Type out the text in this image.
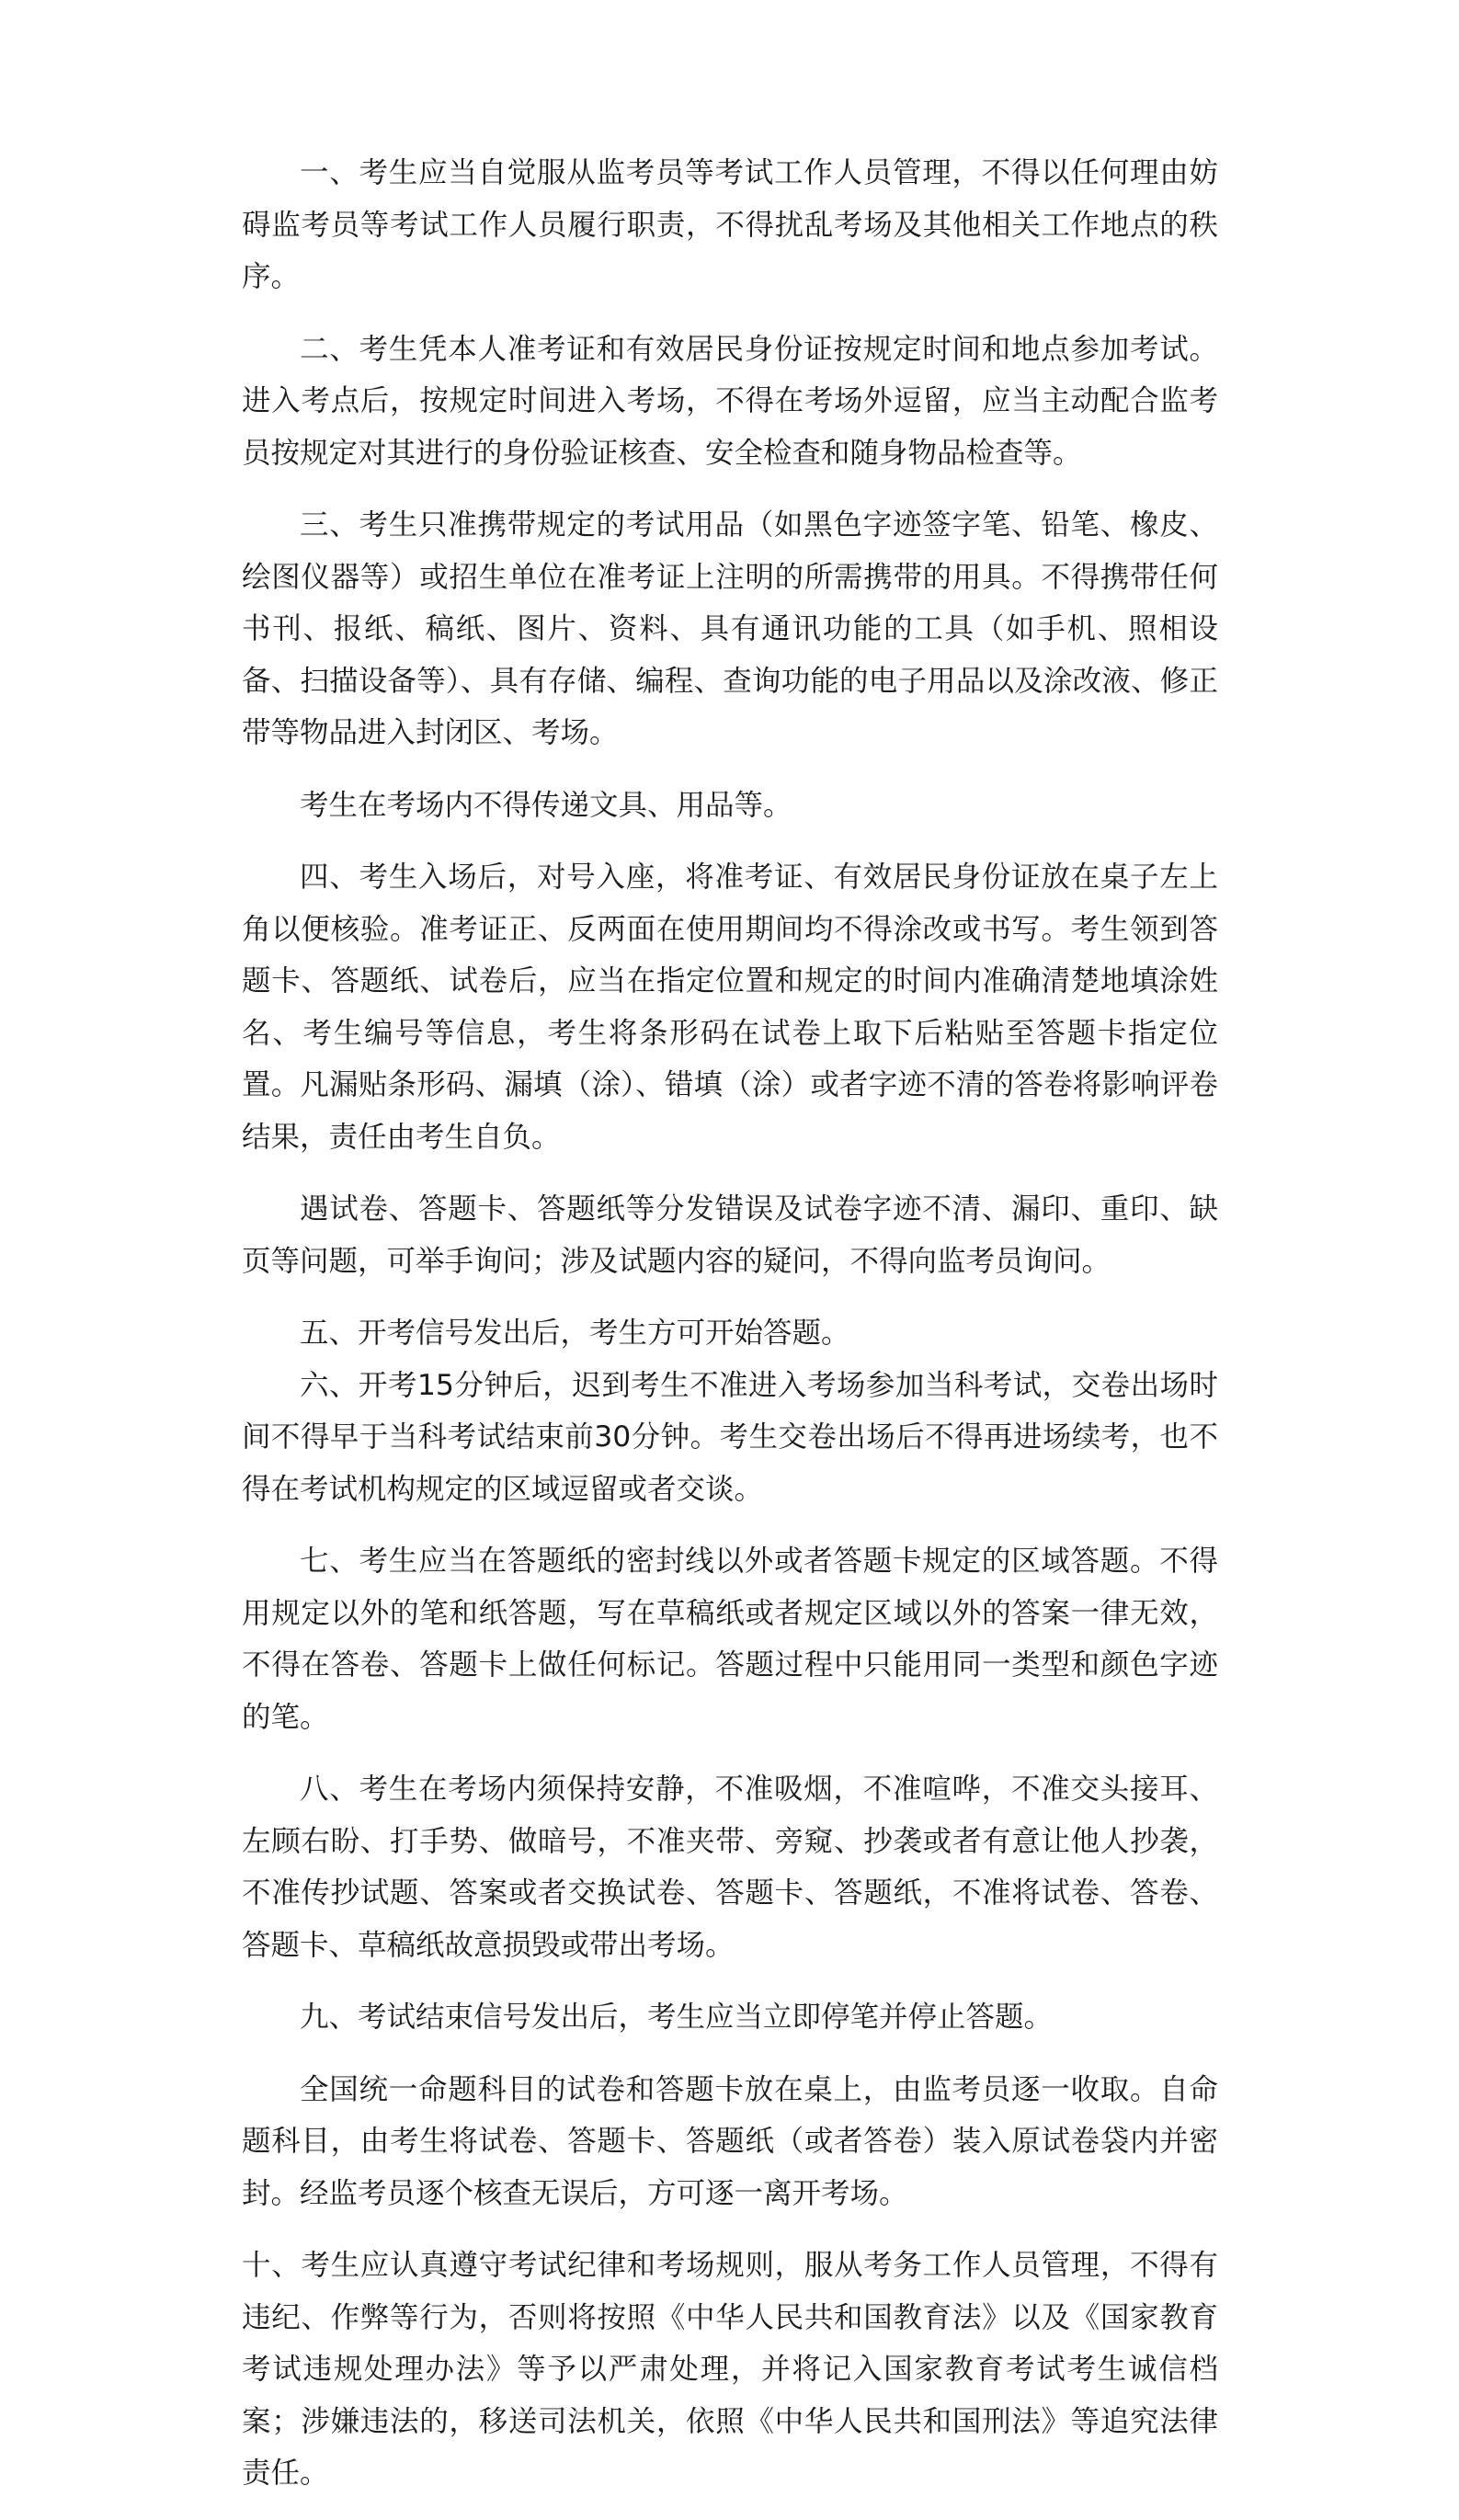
一、考生应当自觉服从监考员等考试工作人员管理，不得以任何理由妨碍监考员等考试工作人员履行职责，不得扰乱考场及其他相关工作地点的秩序。

二、考生凭本人准考证和有效居民身份证按规定时间和地点参加考试。进入考点后，按规定时间进入考场，不得在考场外逗留，应当主动配合监考员按规定对其进行的身份验证核查、安全检查和随身物品检查等。

三、考生只准携带规定的考试用品（如黑色字迹签字笔、铅笔、橡皮、绘图仪器等）或招生单位在准考证上注明的所需携带的用具。不得携带任何书刊、报纸、稿纸、图片、资料、具有通讯功能的工具（如手机、照相设备、扫描设备等）、具有存储、编程、查询功能的电子用品以及涂改液、修正带等物品进入封闭区、考场。

考生在考场内不得传递文具、用品等。

四、考生入场后，对号入座，将准考证、有效居民身份证放在桌子左上角以便核验。准考证正、反两面在使用期间均不得涂改或书写。考生领到答题卡、答题纸、试卷后，应当在指定位置和规定的时间内准确清楚地填涂姓名、考生编号等信息，考生将条形码在试卷上取下后粘贴至答题卡指定位置。凡漏贴条形码、漏填（涂）、错填（涂）或者字迹不清的答卷将影响评卷结果，责任由考生自负。

遇试卷、答题卡、答题纸等分发错误及试卷字迹不清、漏印、重印、缺页等问题，可举手询问；涉及试题内容的疑问，不得向监考员询问。

五、开考信号发出后，考生方可开始答题。

六、开考15分钟后，迟到考生不准进入考场参加当科考试，交卷出场时间不得早于当科考试结束前30分钟。考生交卷出场后不得再进场续考，也不得在考试机构规定的区域逗留或者交谈。

七、考生应当在答题纸的密封线以外或者答题卡规定的区域答题。不得用规定以外的笔和纸答题，写在草稿纸或者规定区域以外的答案一律无效，不得在答卷、答题卡上做任何标记。答题过程中只能用同一类型和颜色字迹的笔。

八、考生在考场内须保持安静，不准吸烟，不准喧哗，不准交头接耳、左顾右盼、打手势、做暗号，不准夹带、旁窥、抄袭或者有意让他人抄袭，不准传抄试题、答案或者交换试卷、答题卡、答题纸，不准将试卷、答卷、答题卡、草稿纸故意损毁或带出考场。

九、考试结束信号发出后，考生应当立即停笔并停止答题。

全国统一命题科目的试卷和答题卡放在桌上，由监考员逐一收取。自命题科目，由考生将试卷、答题卡、答题纸（或者答卷）装入原试卷袋内并密封。经监考员逐个核查无误后，方可逐一离开考场。

十、考生应认真遵守考试纪律和考场规则，服从考务工作人员管理，不得有违纪、作弊等行为，否则将按照《中华人民共和国教育法》以及《国家教育考试违规处理办法》等予以严肃处理，并将记入国家教育考试考生诚信档案；涉嫌违法的，移送司法机关，依照《中华人民共和国刑法》等追究法律责任。
